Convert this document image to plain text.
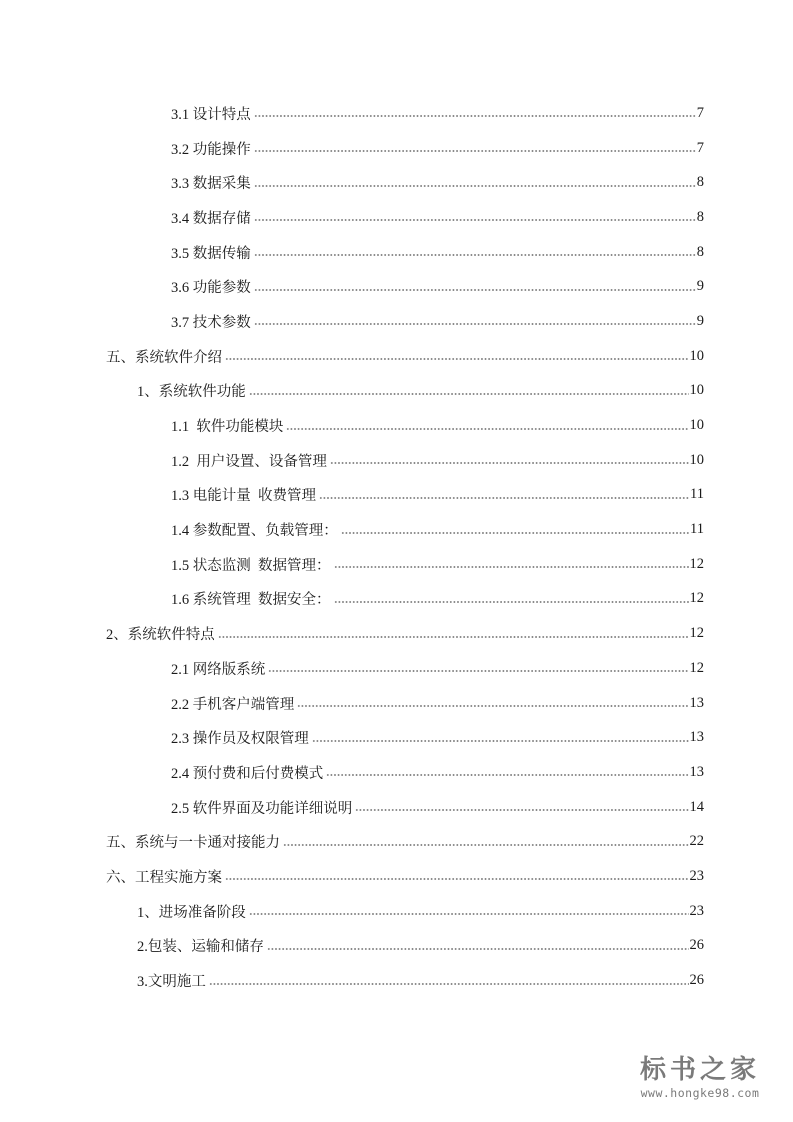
3.1 设计特点	7
3.2 功能操作	7
3.3 数据采集	8
3.4 数据存储	8
3.5 数据传输	8
3.6 功能参数	9
3.7 技术参数	9
五、系统软件介绍	10
1、系统软件功能	10
1.1  软件功能模块	10
1.2  用户设置、设备管理	10
1.3 电能计量  收费管理	11
1.4 参数配置、负载管理：	11
1.5 状态监测  数据管理：	12
1.6 系统管理  数据安全：	12
2、系统软件特点	12
2.1 网络版系统	12
2.2 手机客户端管理	13
2.3 操作员及权限管理	13
2.4 预付费和后付费模式	13
2.5 软件界面及功能详细说明	14
五、系统与一卡通对接能力	22
六、工程实施方案	23
1、进场准备阶段	23
2.包装、运输和储存	26
3.文明施工	26
标书之家
www.hongke98.com
